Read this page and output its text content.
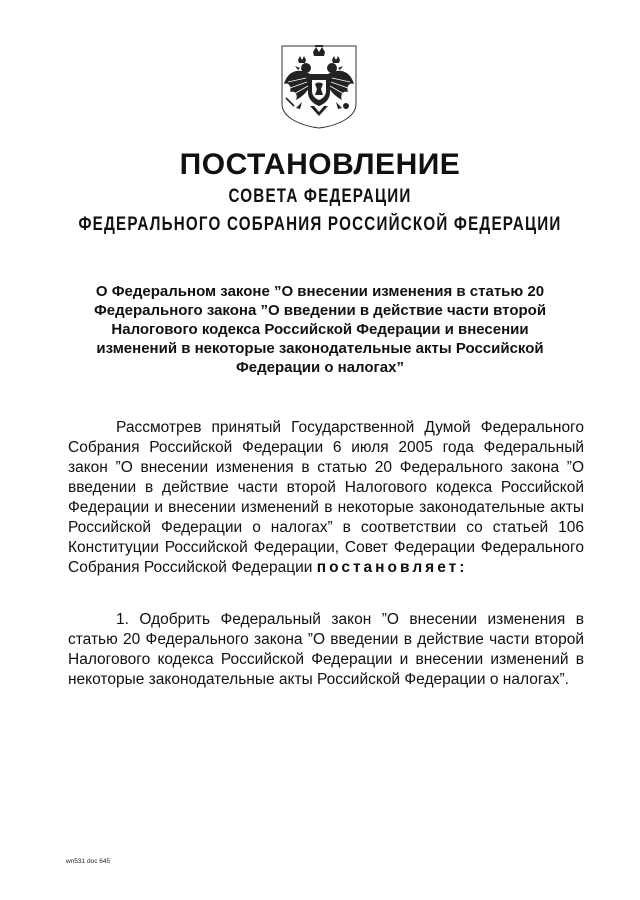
ПОСТАНОВЛЕНИЕ
СОВЕТА ФЕДЕРАЦИИ
ФЕДЕРАЛЬНОГО СОБРАНИЯ РОССИЙСКОЙ ФЕДЕРАЦИИ
О Федеральном законе ”О внесении изменения в статью 20 Федерального закона ”О введении в действие части второй Налогового кодекса Российской Федерации и внесении изменений в некоторые законодательные акты Российской Федерации о налогах”
Рассмотрев принятый Государственной Думой Федерального Собрания Российской Федерации 6 июля 2005 года Федеральный закон ”О внесении изменения в статью 20 Федерального закона ”О введении в действие части второй Налогового кодекса Российской Федерации и внесении изменений в некоторые законодательные акты Российской Федерации о налогах” в соответствии со статьей 106 Конституции Российской Федерации, Совет Федерации Федерального Собрания Российской Федерации постановляет:
1. Одобрить Федеральный закон ”О внесении изменения в статью 20 Федерального закона ”О введении в действие части второй Налогового кодекса Российской Федерации и внесении изменений в некоторые законодательные акты Российской Федерации о налогах”.
wn531 doc 645
